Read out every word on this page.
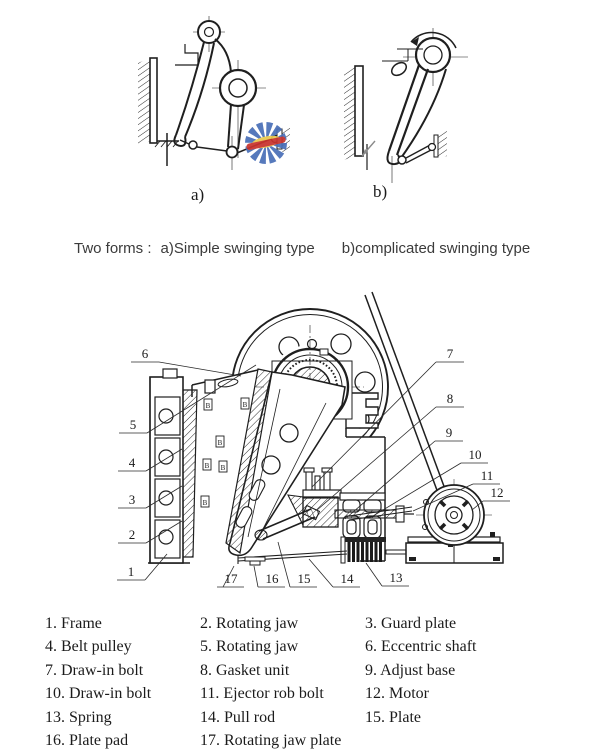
a)	b)
Two forms : a)Simple swinging type b)complicated swinging type
B	B
B
B B
B
1
2
3
4
5
6	7
8
9
10
11
12
13
14
15
16
17
1. Frame	2. Rotating jaw	3. Guard plate
4. Belt pulley	5. Rotating jaw	6. Eccentric shaft
7. Draw-in bolt	8. Gasket unit	9. Adjust base
10. Draw-in bolt	11. Ejector rob bolt	12. Motor
13. Spring	14. Pull rod	15. Plate
16. Plate pad	17. Rotating jaw plate
